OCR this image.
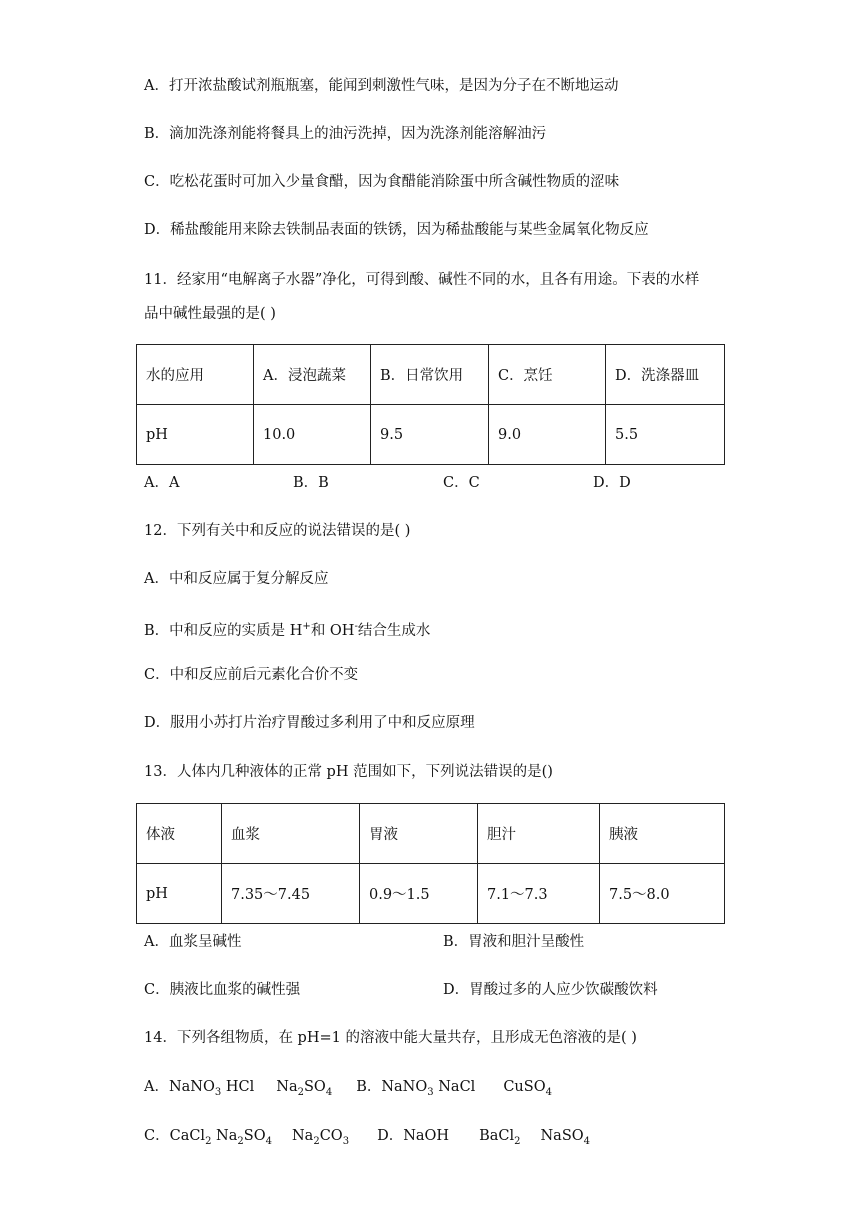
A．打开浓盐酸试剂瓶瓶塞，能闻到刺激性气味，是因为分子在不断地运动
B．滴加洗涤剂能将餐具上的油污洗掉，因为洗涤剂能溶解油污
C．吃松花蛋时可加入少量食醋，因为食醋能消除蛋中所含碱性物质的涩味
D．稀盐酸能用来除去铁制品表面的铁锈，因为稀盐酸能与某些金属氧化物反应
11．经家用“电解离子水器”净化，可得到酸、碱性不同的水，且各有用途。下表的水样
品中碱性最强的是( )
水的应用	A．浸泡蔬菜	B．日常饮用	C．烹饪	D．洗涤器皿
pH	10.0	9.5	9.0	5.5
A．A	B．B	C．C	D．D
12．下列有关中和反应的说法错误的是( )
A．中和反应属于复分解反应
B．中和反应的实质是 H+和 OH-结合生成水
C．中和反应前后元素化合价不变
D．服用小苏打片治疗胃酸过多利用了中和反应原理
13．人体内几种液体的正常 pH 范围如下，下列说法错误的是()
体液	血浆	胃液	胆汁	胰液
pH	7.35～7.45	0.9～1.5	7.1～7.3	7.5～8.0
A．血浆呈碱性	B．胃液和胆汁呈酸性
C．胰液比血浆的碱性强	D．胃酸过多的人应少饮碳酸饮料
14．下列各组物质，在 pH=1 的溶液中能大量共存，且形成无色溶液的是( )
A．NaNO$_3$ HCl $Na_2SO_4$ B．NaNO$_3$ NaCl CuSO$_4$
C．CaCl$_2$ $Na_2SO_4$ $Na_2CO_3$ D．NaOH BaCl$_2$ NaSO$_4$
